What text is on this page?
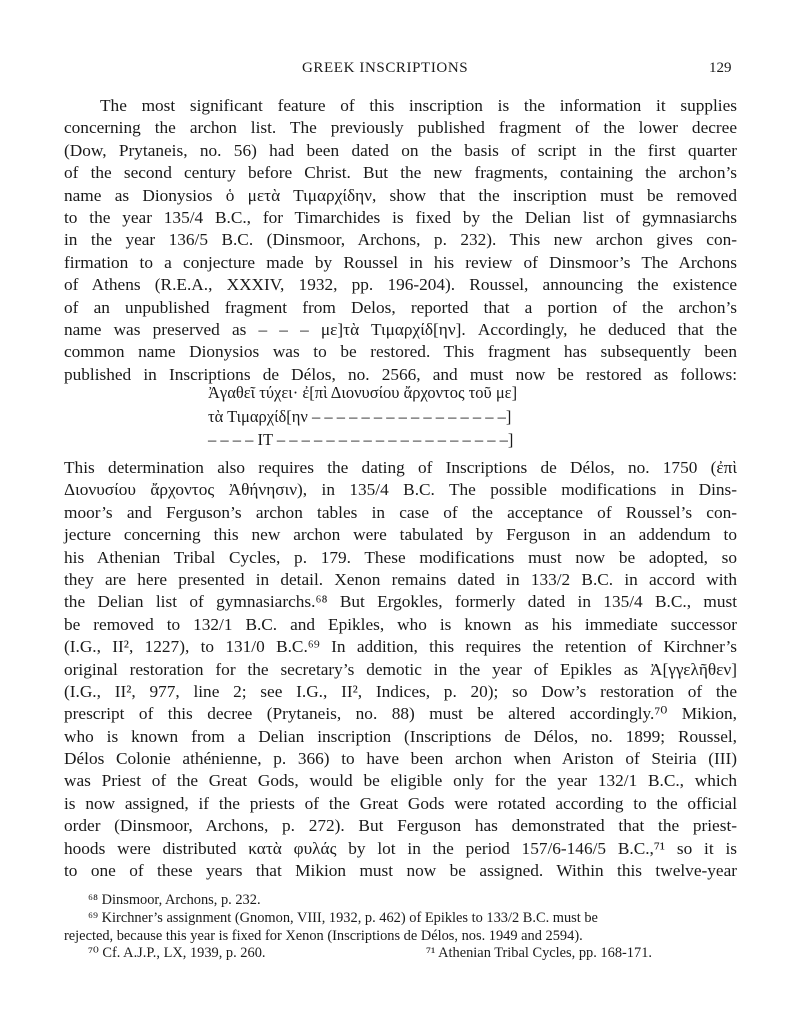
GREEK INSCRIPTIONS	129
The most significant feature of this inscription is the information it supplies
concerning the archon list. The previously published fragment of the lower decree
(Dow, Prytaneis, no. 56) had been dated on the basis of script in the first quarter
of the second century before Christ. But the new fragments, containing the archon’s
name as Dionysios ὁ μετὰ Τιμαρχίδην, show that the inscription must be removed
to the year 135/4 B.C., for Timarchides is fixed by the Delian list of gymnasiarchs
in the year 136/5 B.C. (Dinsmoor, Archons, p. 232). This new archon gives con-
firmation to a conjecture made by Roussel in his review of Dinsmoor’s The Archons
of Athens (R.E.A., XXXIV, 1932, pp. 196-204). Roussel, announcing the existence
of an unpublished fragment from Delos, reported that a portion of the archon’s
name was preserved as – – – με]τὰ Τιμαρχίδ[ην]. Accordingly, he deduced that the
common name Dionysios was to be restored. This fragment has subsequently been
published in Inscriptions de Délos, no. 2566, and must now be restored as follows:
Ἀγαθεῖ τύχει· ἐ[πὶ Διονυσίου ἄρχοντος τοῦ με]
τὰ Τιμαρχίδ[ην – – – – – – – – – – – – – – – –]
– – – – IT – – – – – – – – – – – – – – – – – – –]
This determination also requires the dating of Inscriptions de Délos, no. 1750 (ἐπὶ
Διονυσίου ἄρχοντος Ἀθήνησιν), in 135/4 B.C. The possible modifications in Dins-
moor’s and Ferguson’s archon tables in case of the acceptance of Roussel’s con-
jecture concerning this new archon were tabulated by Ferguson in an addendum to
his Athenian Tribal Cycles, p. 179. These modifications must now be adopted, so
they are here presented in detail. Xenon remains dated in 133/2 B.C. in accord with
the Delian list of gymnasiarchs.⁶⁸ But Ergokles, formerly dated in 135/4 B.C., must
be removed to 132/1 B.C. and Epikles, who is known as his immediate successor
(I.G., II², 1227), to 131/0 B.C.⁶⁹ In addition, this requires the retention of Kirchner’s
original restoration for the secretary’s demotic in the year of Epikles as Ἀ[γγελῆθεν]
(I.G., II², 977, line 2; see I.G., II², Indices, p. 20); so Dow’s restoration of the
prescript of this decree (Prytaneis, no. 88) must be altered accordingly.⁷⁰ Mikion,
who is known from a Delian inscription (Inscriptions de Délos, no. 1899; Roussel,
Délos Colonie athénienne, p. 366) to have been archon when Ariston of Steiria (III)
was Priest of the Great Gods, would be eligible only for the year 132/1 B.C., which
is now assigned, if the priests of the Great Gods were rotated according to the official
order (Dinsmoor, Archons, p. 272). But Ferguson has demonstrated that the priest-
hoods were distributed κατὰ φυλάς by lot in the period 157/6-146/5 B.C.,⁷¹ so it is
to one of these years that Mikion must now be assigned. Within this twelve-year
⁶⁸ Dinsmoor, Archons, p. 232.
⁶⁹ Kirchner’s assignment (Gnomon, VIII, 1932, p. 462) of Epikles to 133/2 B.C. must be
rejected, because this year is fixed for Xenon (Inscriptions de Délos, nos. 1949 and 2594).
⁷⁰ Cf. A.J.P., LX, 1939, p. 260.	⁷¹ Athenian Tribal Cycles, pp. 168-171.
